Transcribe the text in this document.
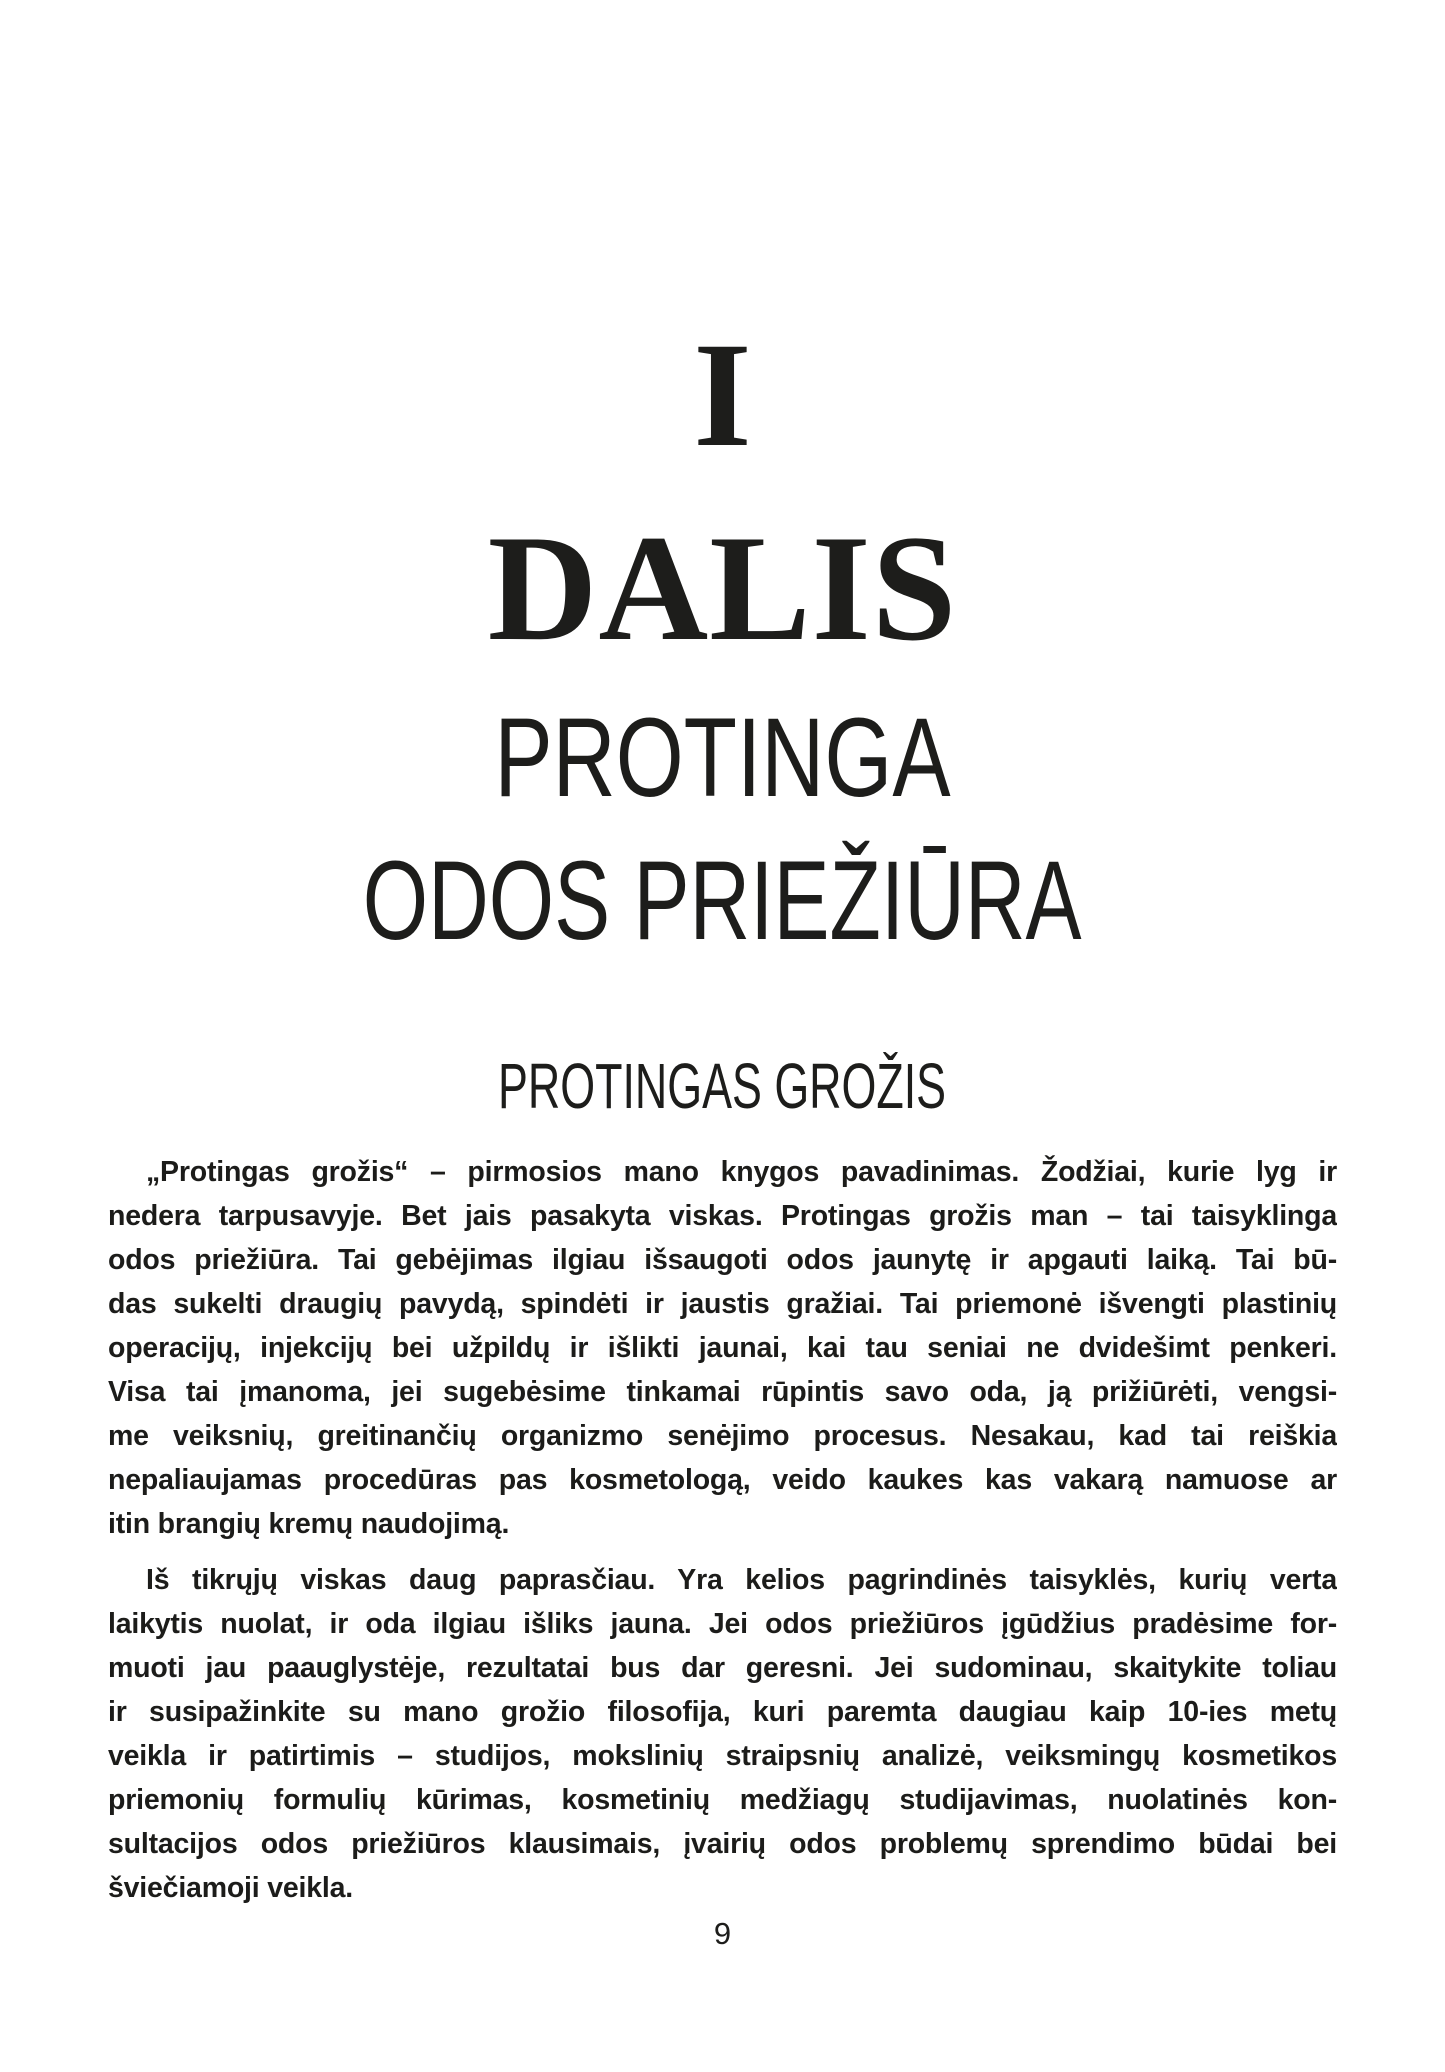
I
DALIS
PROTINGA
ODOS PRIEŽIŪRA
PROTINGAS GROŽIS
„Protingas grožis“ – pirmosios mano knygos pavadinimas. Žodžiai, kurie lyg ir
nedera tarpusavyje. Bet jais pasakyta viskas. Protingas grožis man – tai taisyklinga
odos priežiūra. Tai gebėjimas ilgiau išsaugoti odos jaunytę ir apgauti laiką. Tai bū-
das sukelti draugių pavydą, spindėti ir jaustis gražiai. Tai priemonė išvengti plastinių
operacijų, injekcijų bei užpildų ir išlikti jaunai, kai tau seniai ne dvidešimt penkeri.
Visa tai įmanoma, jei sugebėsime tinkamai rūpintis savo oda, ją prižiūrėti, vengsi-
me veiksnių, greitinančių organizmo senėjimo procesus. Nesakau, kad tai reiškia
nepaliaujamas procedūras pas kosmetologą, veido kaukes kas vakarą namuose ar
itin brangių kremų naudojimą.
Iš tikrųjų viskas daug paprasčiau. Yra kelios pagrindinės taisyklės, kurių verta
laikytis nuolat, ir oda ilgiau išliks jauna. Jei odos priežiūros įgūdžius pradėsime for-
muoti jau paauglystėje, rezultatai bus dar geresni. Jei sudominau, skaitykite toliau
ir susipažinkite su mano grožio filosofija, kuri paremta daugiau kaip 10-ies metų
veikla ir patirtimis – studijos, mokslinių straipsnių analizė, veiksmingų kosmetikos
priemonių formulių kūrimas, kosmetinių medžiagų studijavimas, nuolatinės kon-
sultacijos odos priežiūros klausimais, įvairių odos problemų sprendimo būdai bei
šviečiamoji veikla.
9
